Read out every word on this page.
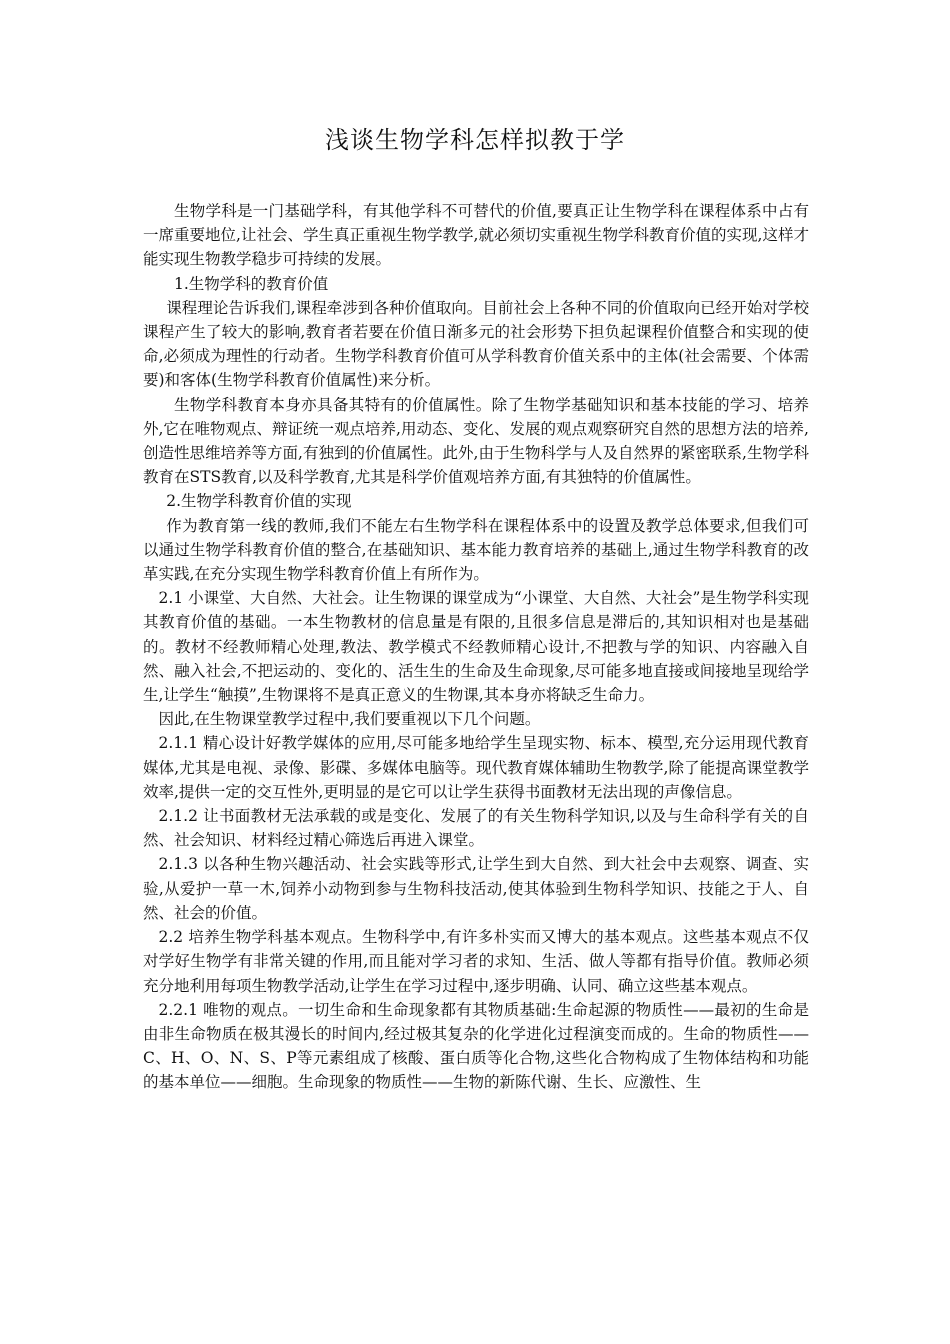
浅谈生物学科怎样拟教于学

生物学科是一门基础学科，有其他学科不可替代的价值,要真正让生物学科在课程体系中占有一席重要地位,让社会、学生真正重视生物学教学,就必须切实重视生物学科教育价值的实现,这样才能实现生物教学稳步可持续的发展。

1.生物学科的教育价值

课程理论告诉我们,课程牵涉到各种价值取向。目前社会上各种不同的价值取向已经开始对学校课程产生了较大的影响,教育者若要在价值日渐多元的社会形势下担负起课程价值整合和实现的使命,必须成为理性的行动者。生物学科教育价值可从学科教育价值关系中的主体(社会需要、个体需要)和客体(生物学科教育价值属性)来分析。

生物学科教育本身亦具备其特有的价值属性。除了生物学基础知识和基本技能的学习、培养外,它在唯物观点、辩证统一观点培养,用动态、变化、发展的观点观察研究自然的思想方法的培养,创造性思维培养等方面,有独到的价值属性。此外,由于生物科学与人及自然界的紧密联系,生物学科教育在STS教育,以及科学教育,尤其是科学价值观培养方面,有其独特的价值属性。

2.生物学科教育价值的实现

作为教育第一线的教师,我们不能左右生物学科在课程体系中的设置及教学总体要求,但我们可以通过生物学科教育价值的整合,在基础知识、基本能力教育培养的基础上,通过生物学科教育的改革实践,在充分实现生物学科教育价值上有所作为。

2.1 小课堂、大自然、大社会。让生物课的课堂成为“小课堂、大自然、大社会”是生物学科实现其教育价值的基础。一本生物教材的信息量是有限的,且很多信息是滞后的,其知识相对也是基础的。教材不经教师精心处理,教法、教学模式不经教师精心设计,不把教与学的知识、内容融入自然、融入社会,不把运动的、变化的、活生生的生命及生命现象,尽可能多地直接或间接地呈现给学生,让学生“触摸”,生物课将不是真正意义的生物课,其本身亦将缺乏生命力。

因此,在生物课堂教学过程中,我们要重视以下几个问题。

2.1.1 精心设计好教学媒体的应用,尽可能多地给学生呈现实物、标本、模型,充分运用现代教育媒体,尤其是电视、录像、影碟、多媒体电脑等。现代教育媒体辅助生物教学,除了能提高课堂教学效率,提供一定的交互性外,更明显的是它可以让学生获得书面教材无法出现的声像信息。

2.1.2 让书面教材无法承载的或是变化、发展了的有关生物科学知识,以及与生命科学有关的自然、社会知识、材料经过精心筛选后再进入课堂。

2.1.3 以各种生物兴趣活动、社会实践等形式,让学生到大自然、到大社会中去观察、调查、实验,从爱护一草一木,饲养小动物到参与生物科技活动,使其体验到生物科学知识、技能之于人、自然、社会的价值。

2.2 培养生物学科基本观点。生物科学中,有许多朴实而又博大的基本观点。这些基本观点不仅对学好生物学有非常关键的作用,而且能对学习者的求知、生活、做人等都有指导价值。教师必须充分地利用每项生物教学活动,让学生在学习过程中,逐步明确、认同、确立这些基本观点。

2.2.1 唯物的观点。一切生命和生命现象都有其物质基础:生命起源的物质性——最初的生命是由非生命物质在极其漫长的时间内,经过极其复杂的化学进化过程演变而成的。生命的物质性——C、H、O、N、S、P等元素组成了核酸、蛋白质等化合物,这些化合物构成了生物体结构和功能的基本单位——细胞。生命现象的物质性——生物的新陈代谢、生长、应激性、生
